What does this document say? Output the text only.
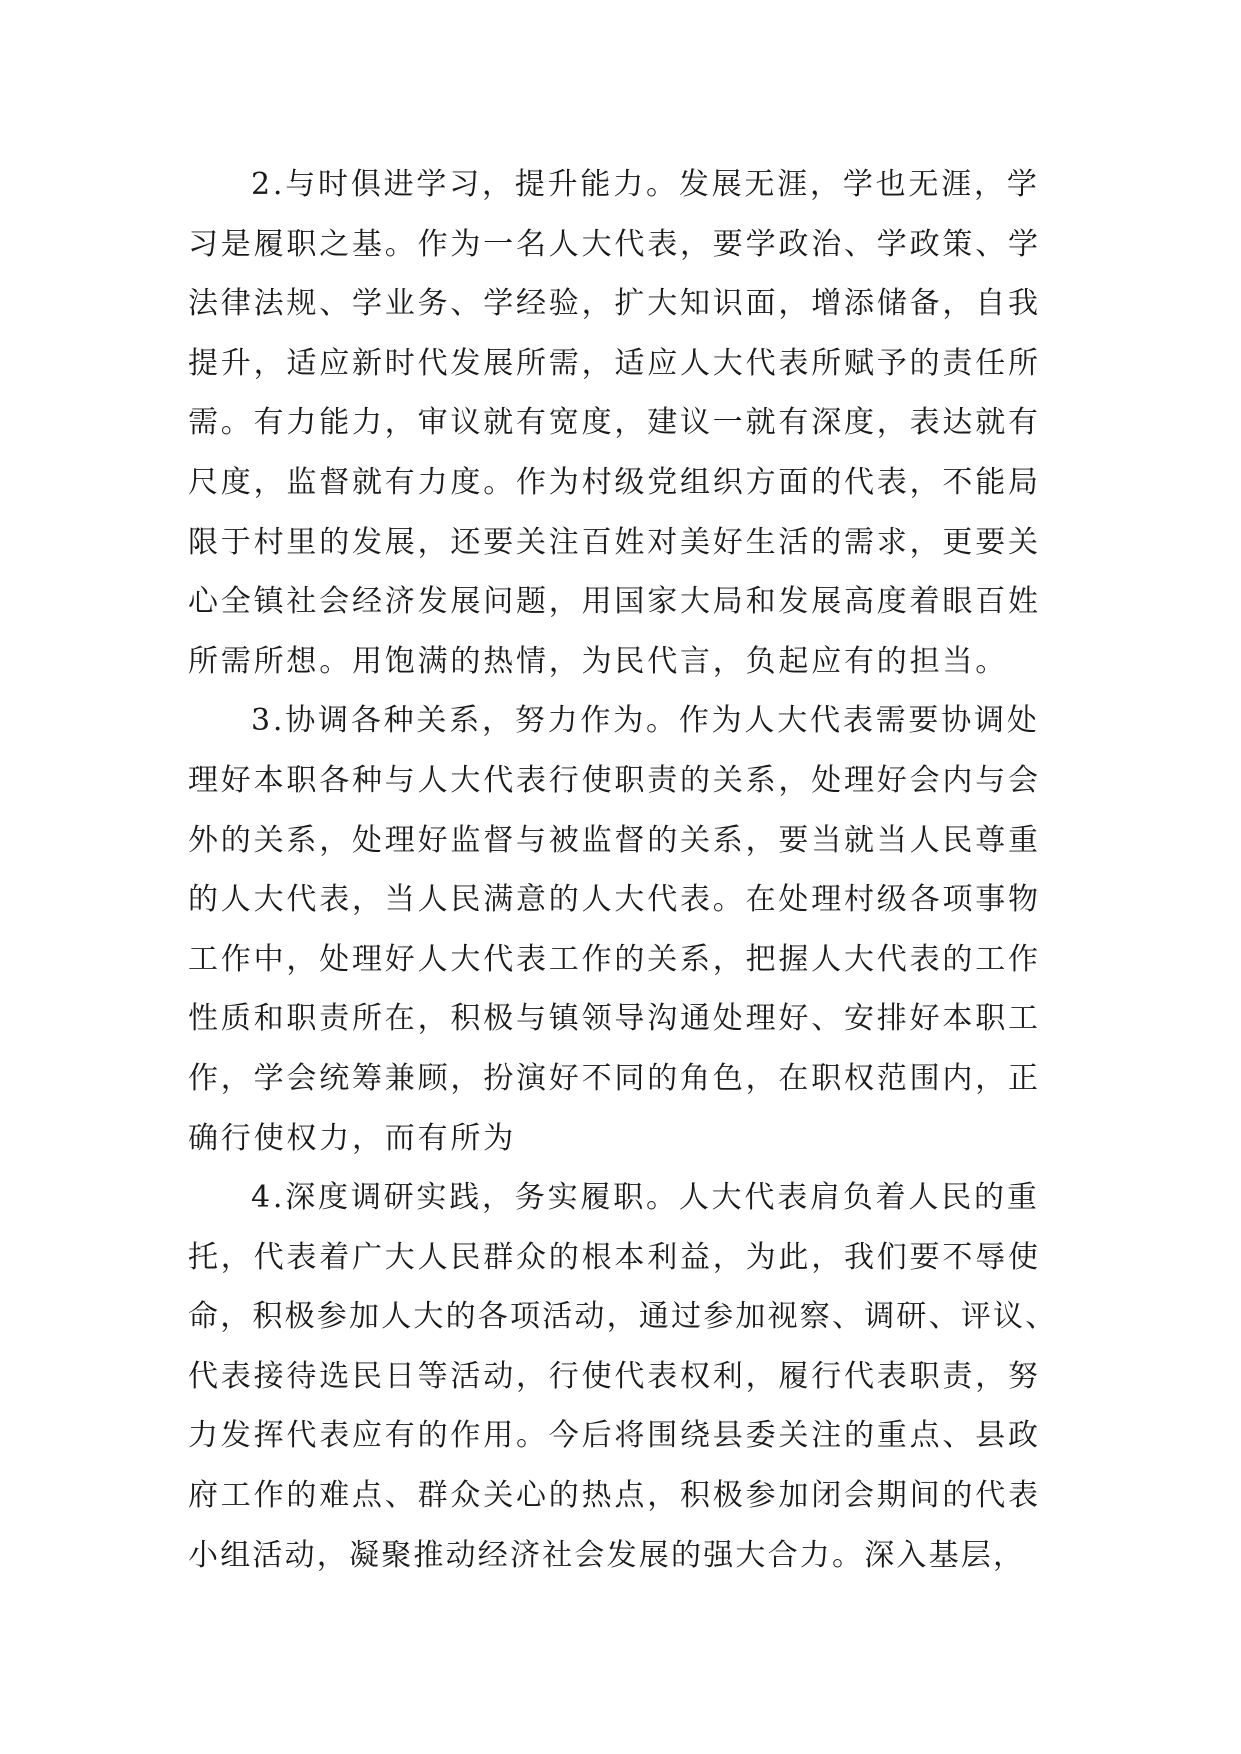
2.与时俱进学习，提升能力。发展无涯，学也无涯，学
习是履职之基。作为一名人大代表，要学政治、学政策、学
法律法规、学业务、学经验，扩大知识面，增添储备，自我
提升，适应新时代发展所需，适应人大代表所赋予的责任所
需。有力能力，审议就有宽度，建议一就有深度，表达就有
尺度，监督就有力度。作为村级党组织方面的代表，不能局
限于村里的发展，还要关注百姓对美好生活的需求，更要关
心全镇社会经济发展问题，用国家大局和发展高度着眼百姓
所需所想。用饱满的热情，为民代言，负起应有的担当。
3.协调各种关系，努力作为。作为人大代表需要协调处
理好本职各种与人大代表行使职责的关系，处理好会内与会
外的关系，处理好监督与被监督的关系，要当就当人民尊重
的人大代表，当人民满意的人大代表。在处理村级各项事物
工作中，处理好人大代表工作的关系，把握人大代表的工作
性质和职责所在，积极与镇领导沟通处理好、安排好本职工
作，学会统筹兼顾，扮演好不同的角色，在职权范围内，正
确行使权力，而有所为
4.深度调研实践，务实履职。人大代表肩负着人民的重
托，代表着广大人民群众的根本利益，为此，我们要不辱使
命，积极参加人大的各项活动，通过参加视察、调研、评议、
代表接待选民日等活动，行使代表权利，履行代表职责，努
力发挥代表应有的作用。今后将围绕县委关注的重点、县政
府工作的难点、群众关心的热点，积极参加闭会期间的代表
小组活动，凝聚推动经济社会发展的强大合力。深入基层，
